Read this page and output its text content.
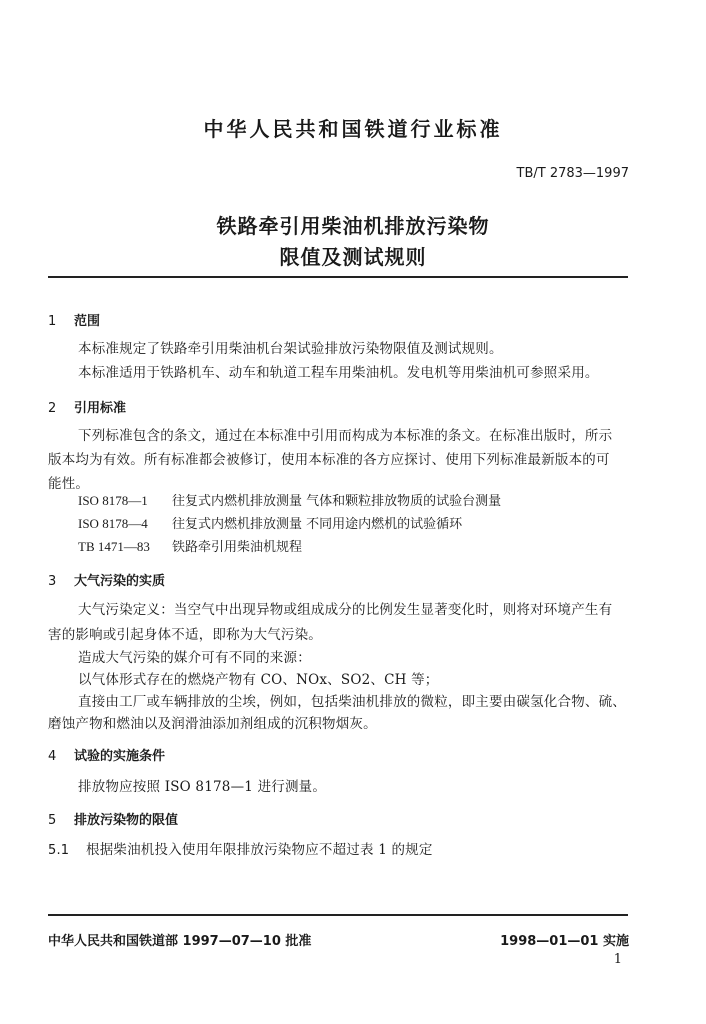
中华人民共和国铁道行业标准
TB/T 2783—1997
铁路牵引用柴油机排放污染物
限值及测试规则
1 范围
本标准规定了铁路牵引用柴油机台架试验排放污染物限值及测试规则。
本标准适用于铁路机车、动车和轨道工程车用柴油机。发电机等用柴油机可参照采用。
2 引用标准
下列标准包含的条文，通过在本标准中引用而构成为本标准的条文。在标准出版时，所示
版本均为有效。所有标准都会被修订，使用本标准的各方应探讨、使用下列标准最新版本的可
能性。
ISO 8178—1 往复式内燃机排放测量 气体和颗粒排放物质的试验台测量
ISO 8178—4 往复式内燃机排放测量 不同用途内燃机的试验循环
TB 1471—83 铁路牵引用柴油机规程
3 大气污染的实质
大气污染定义：当空气中出现异物或组成成分的比例发生显著变化时，则将对环境产生有
害的影响或引起身体不适，即称为大气污染。
造成大气污染的媒介可有不同的来源：
以气体形式存在的燃烧产物有 CO、NOx、SO2、CH 等；
直接由工厂或车辆排放的尘埃，例如，包括柴油机排放的微粒，即主要由碳氢化合物、硫、
磨蚀产物和燃油以及润滑油添加剂组成的沉积物烟灰。
4 试验的实施条件
排放物应按照 ISO 8178—1 进行测量。
5 排放污染物的限值
5.1 根据柴油机投入使用年限排放污染物应不超过表 1 的规定
中华人民共和国铁道部 1997—07—10 批准	1998—01—01 实施
1
